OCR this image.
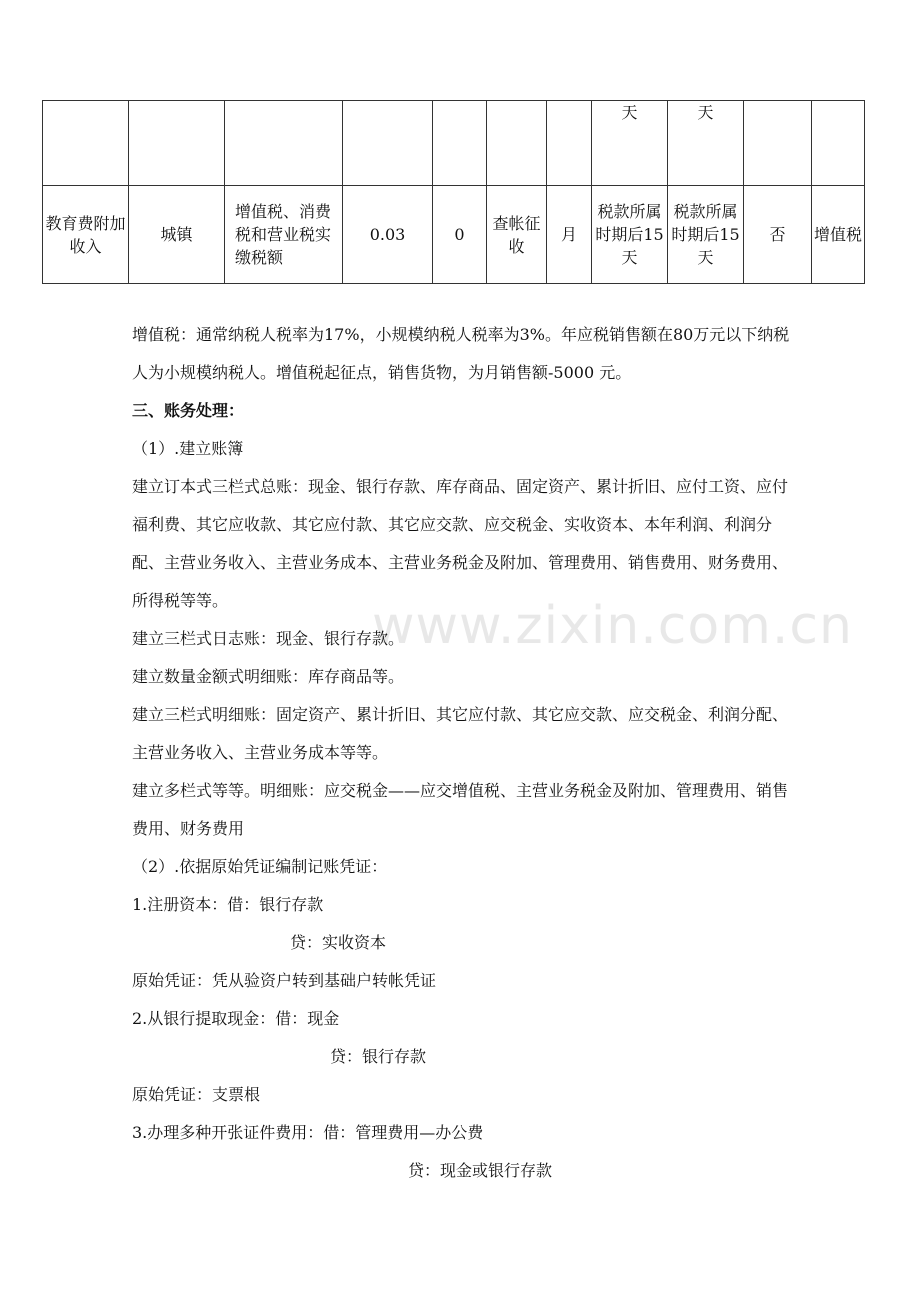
www.zixin.com.cn
							天	天		
教育费附加收入	城镇	增值税、消费税和营业税实缴税额	0.03	0	查帐征收	月	税款所属时期后15天	税款所属时期后15天	否	增值税

增值税：通常纳税人税率为17%，小规模纳税人税率为3%。年应税销售额在80万元以下纳税人为小规模纳税人。增值税起征点，销售货物，为月销售额-5000 元。

三、账务处理：

（1）.建立账簿

建立订本式三栏式总账：现金、银行存款、库存商品、固定资产、累计折旧、应付工资、应付福利费、其它应收款、其它应付款、其它应交款、应交税金、实收资本、本年利润、利润分配、主营业务收入、主营业务成本、主营业务税金及附加、管理费用、销售费用、财务费用、所得税等等。

建立三栏式日志账：现金、银行存款。

建立数量金额式明细账：库存商品等。

建立三栏式明细账：固定资产、累计折旧、其它应付款、其它应交款、应交税金、利润分配、主营业务收入、主营业务成本等等。

建立多栏式等等。明细账：应交税金——应交增值税、主营业务税金及附加、管理费用、销售费用、财务费用

（2）.依据原始凭证编制记账凭证：

1.注册资本：借：银行存款

贷：实收资本

原始凭证：凭从验资户转到基础户转帐凭证

2.从银行提取现金：借：现金

贷：银行存款

原始凭证：支票根

3.办理多种开张证件费用：借：管理费用—办公费

贷：现金或银行存款
